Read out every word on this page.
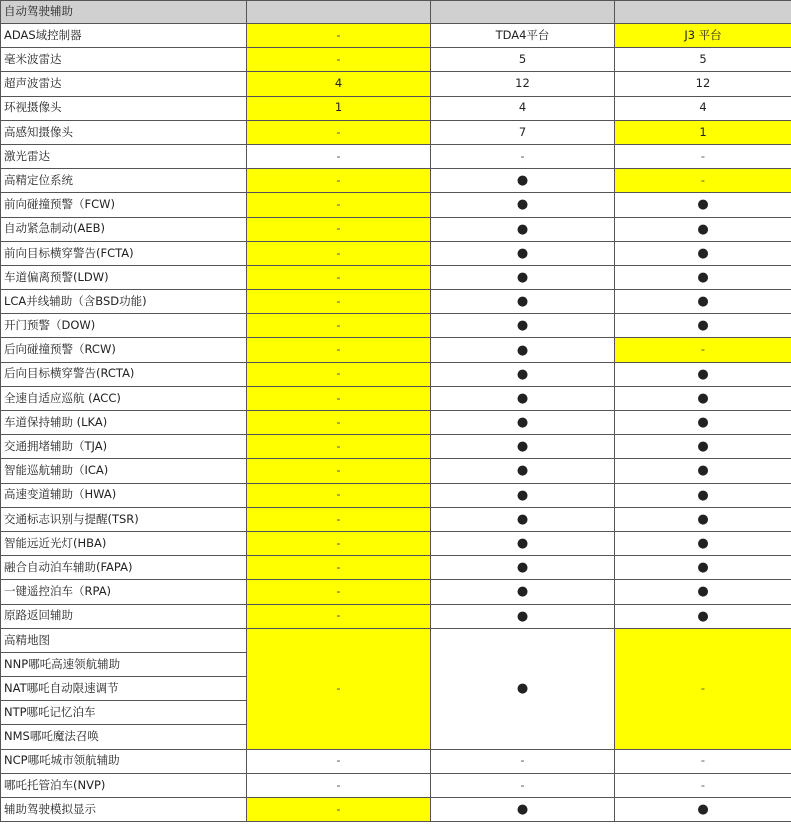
自动驾驶辅助			
ADAS域控制器	-	TDA4平台	J3 平台
毫米波雷达	-	5	5
超声波雷达	4	12	12
环视摄像头	1	4	4
高感知摄像头	-	7	1
激光雷达	-	-	-
高精定位系统	-	●	-
前向碰撞预警（FCW)	-	●	●
自动紧急制动(AEB)	-	●	●
前向目标横穿警告(FCTA)	-	●	●
车道偏离预警(LDW)	-	●	●
LCA并线辅助（含BSD功能)	-	●	●
开门预警（DOW)	-	●	●
后向碰撞预警（RCW)	-	●	-
后向目标横穿警告(RCTA)	-	●	●
全速自适应巡航 (ACC)	-	●	●
车道保持辅助 (LKA)	-	●	●
交通拥堵辅助（TJA)	-	●	●
智能巡航辅助（ICA)	-	●	●
高速变道辅助（HWA)	-	●	●
交通标志识别与提醒(TSR)	-	●	●
智能远近光灯(HBA)	-	●	●
融合自动泊车辅助(FAPA)	-	●	●
一键遥控泊车（RPA)	-	●	●
原路返回辅助	-	●	●
高精地图	-	●	-
NNP哪吒高速领航辅助			
NAT哪吒自动限速调节			
NTP哪吒记忆泊车			
NMS哪吒魔法召唤			
NCP哪吒城市领航辅助	-	-	-
哪吒托管泊车(NVP)	-	-	-
辅助驾驶模拟显示	-	●	●
